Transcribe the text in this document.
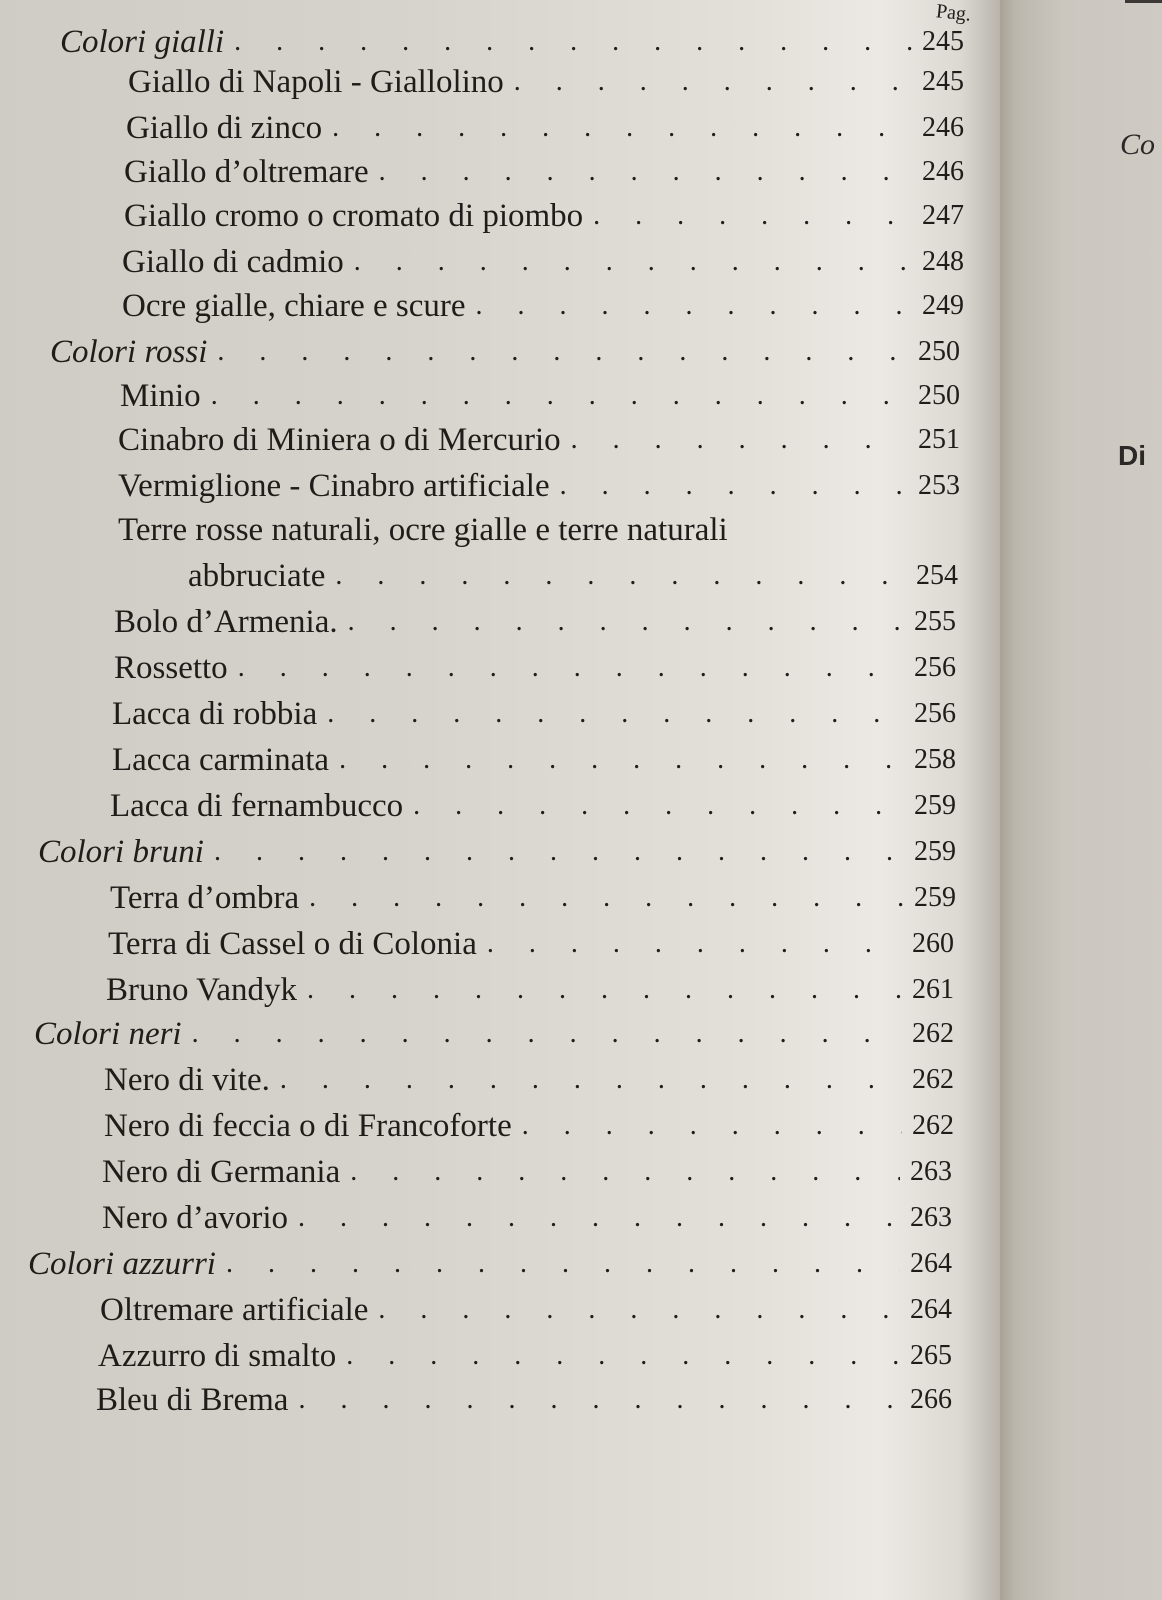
Pag.
Colori gialli . . .	245
Giallo di Napoli - Giallolino . . .	245
Giallo di zinco . . .	246
Giallo d’oltremare . . .	246
Giallo cromo o cromato di piombo . . .	247
Giallo di cadmio . . .	248
Ocre gialle, chiare e scure . . .	249
Colori rossi . . .	250
Minio . . .	250
Cinabro di Miniera o di Mercurio . . .	251
Vermiglione - Cinabro artificiale . . .	253
Terre rosse naturali, ocre gialle e terre naturali
abbruciate . . .	254
Bolo d’Armenia. . . .	255
Rossetto . . .	256
Lacca di robbia . . .	256
Lacca carminata . . .	258
Lacca di fernambucco . . .	259
Colori bruni . . .	259
Terra d’ombra . . .	259
Terra di Cassel o di Colonia . . .	260
Bruno Vandyk . . .	261
Colori neri . . .	262
Nero di vite. . . .	262
Nero di feccia o di Francoforte . . .	262
Nero di Germania . . .	263
Nero d’avorio . . .	263
Colori azzurri . . .	264
Oltremare artificiale . . .	264
Azzurro di smalto . . .	265
Bleu di Brema . . .	266
Co
Di
